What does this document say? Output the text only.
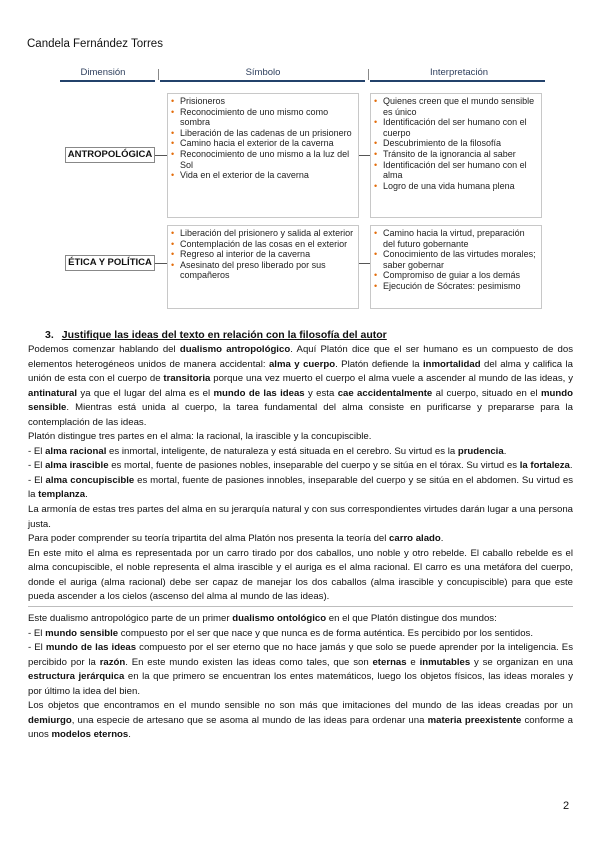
Candela Fernández Torres
Dimensión	Símbolo	Interpretación
• Prisioneros
• Reconocimiento de uno mismo como sombra
• Liberación de las cadenas de un prisionero
• Camino hacia el exterior de la caverna
• Reconocimiento de uno mismo a la luz del Sol
• Vida en el exterior de la caverna
• Quienes creen que el mundo sensible es único
• Identificación del ser humano con el cuerpo
• Descubrimiento de la filosofía
• Tránsito de la ignorancia al saber
• Identificación del ser humano con el alma
• Logro de una vida humana plena
ANTROPOLÓGICA
• Liberación del prisionero y salida al exterior
• Contemplación de las cosas en el exterior
• Regreso al interior de la caverna
• Asesinato del preso liberado por sus compañeros
• Camino hacia la virtud, preparación del futuro gobernante
• Conocimiento de las virtudes morales; saber gobernar
• Compromiso de guiar a los demás
• Ejecución de Sócrates: pesimismo
ÉTICA Y POLÍTICA
3. Justifique las ideas del texto en relación con la filosofía del autor

Podemos comenzar hablando del dualismo antropológico. Aquí Platón dice que el ser humano es un compuesto de dos elementos heterogéneos unidos de manera accidental: alma y cuerpo. Platón defiende la inmortalidad del alma y califica la unión de esta con el cuerpo de transitoria porque una vez muerto el cuerpo el alma vuele a ascender al mundo de las ideas, y antinatural ya que el lugar del alma es el mundo de las ideas y esta cae accidentalmente al cuerpo, situado en el mundo sensible. Mientras está unida al cuerpo, la tarea fundamental del alma consiste en purificarse y prepararse para la contemplación de las ideas.

Platón distingue tres partes en el alma: la racional, la irascible y la concupiscible.

- El alma racional es inmortal, inteligente, de naturaleza y está situada en el cerebro. Su virtud es la prudencia.

- El alma irascible es mortal, fuente de pasiones nobles, inseparable del cuerpo y se sitúa en el tórax. Su virtud es la fortaleza.

- El alma concupiscible es mortal, fuente de pasiones innobles, inseparable del cuerpo y se sitúa en el abdomen. Su virtud es la templanza.

La armonía de estas tres partes del alma en su jerarquía natural y con sus correspondientes virtudes darán lugar a una persona justa.

Para poder comprender su teoría tripartita del alma Platón nos presenta la teoría del carro alado.

En este mito el alma es representada por un carro tirado por dos caballos, uno noble y otro rebelde. El caballo rebelde es el alma concupiscible, el noble representa el alma irascible y el auriga es el alma racional. El carro es una metáfora del cuerpo, donde el auriga (alma racional) debe ser capaz de manejar los dos caballos (alma irascible y concupiscible) para que este pueda ascender a los cielos (ascenso del alma al mundo de las ideas).

Este dualismo antropológico parte de un primer dualismo ontológico en el que Platón distingue dos mundos:

- El mundo sensible compuesto por el ser que nace y que nunca es de forma auténtica. Es percibido por los sentidos.

- El mundo de las ideas compuesto por el ser eterno que no hace jamás y que solo se puede aprender por la inteligencia. Es percibido por la razón. En este mundo existen las ideas como tales, que son eternas e inmutables y se organizan en una estructura jerárquica en la que primero se encuentran los entes matemáticos, luego los objetos físicos, las ideas morales y por último la idea del bien.

Los objetos que encontramos en el mundo sensible no son más que imitaciones del mundo de las ideas creadas por un demiurgo, una especie de artesano que se asoma al mundo de las ideas para ordenar una materia preexistente conforme a unos modelos eternos.

2
